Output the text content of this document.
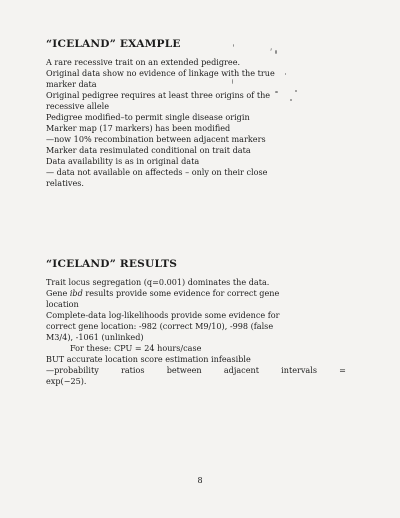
⸴
“ICELAND” EXAMPLE
A rare recessive trait on an extended pedigree.
Original data show no evidence of linkage with the true
marker data
Original pedigree requires at least three origins of the
recessive allele
Pedigree modified–to permit single disease origin
Marker map (17 markers) has been modified
—now 10% recombination between adjacent markers
Marker data resimulated conditional on trait data
Data availability is as in original data
— data not available on affecteds – only on their close
relatives.
“ICELAND” RESULTS
Trait locus segregation (q=0.001) dominates the data.
Gene ibd results provide some evidence for correct gene
location
Complete-data log-likelihoods provide some evidence for
correct gene location: -982 (correct M9/10), -998 (false
M3/4), -1061 (unlinked)
For these: CPU = 24 hours/case
BUT accurate location score estimation infeasible
—probability	ratios	between	adjacent	intervals	=
exp(−25).
8
